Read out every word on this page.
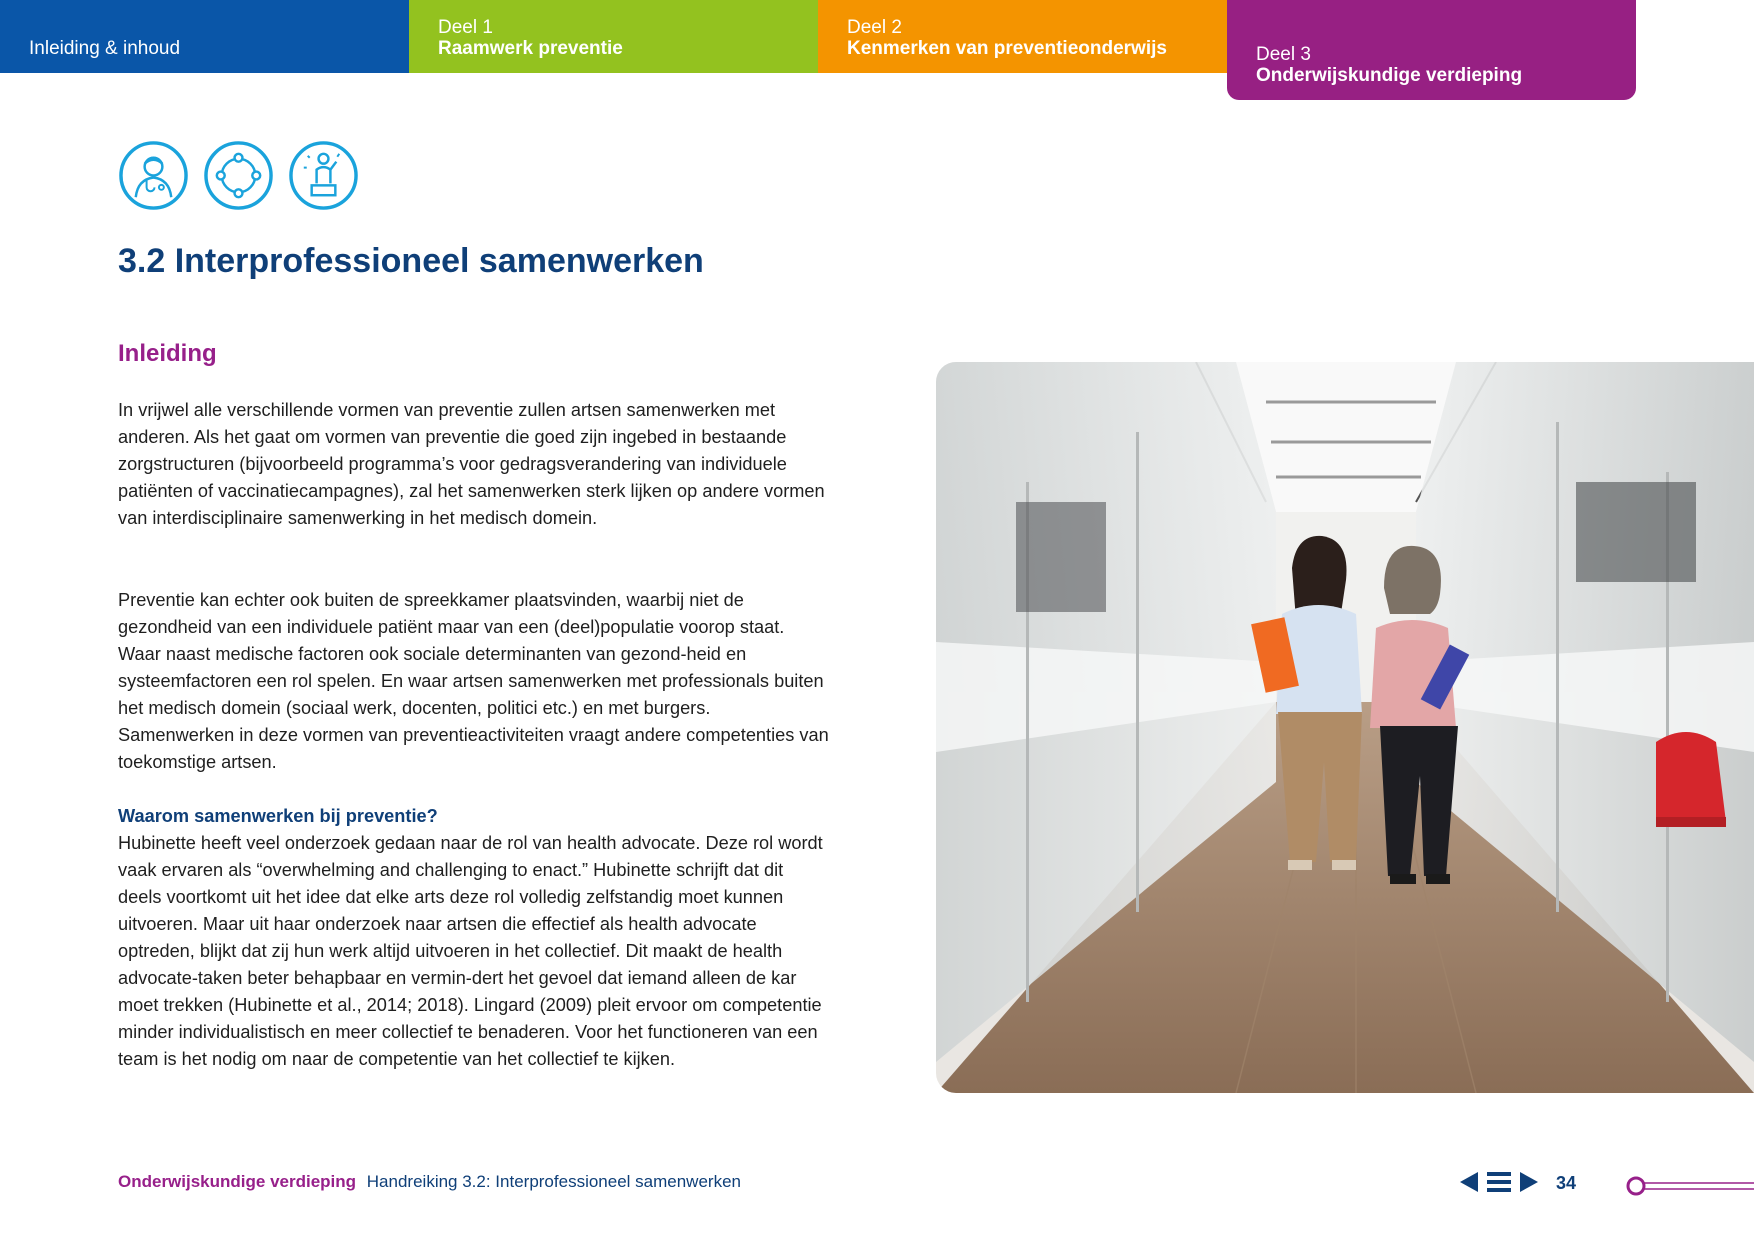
Inleiding & inhoud
Deel 1
Raamwerk preventie
Deel 2
Kenmerken van preventieonderwijs	Deel 3
Onderwijskundige verdieping
3.2 Interprofessioneel samenwerken
Inleiding

In vrijwel alle verschillende vormen van preventie zullen artsen samenwerken met anderen. Als het gaat om vormen van preventie die goed zijn ingebed in bestaande zorgstructuren (bijvoorbeeld programma’s voor gedragsverandering van individuele patiënten of vaccinatiecampagnes), zal het samenwerken sterk lijken op andere vormen van interdisciplinaire samenwerking in het medisch domein.

Preventie kan echter ook buiten de spreekkamer plaatsvinden, waarbij niet de gezondheid van een individuele patiënt maar van een (deel)populatie voorop staat. Waar naast medische factoren ook sociale determinanten van gezond-heid en systeemfactoren een rol spelen. En waar artsen samenwerken met professionals buiten het medisch domein (sociaal werk, docenten, politici etc.) en met burgers. Samenwerken in deze vormen van preventieactiviteiten vraagt andere competenties van toekomstige artsen.

Waarom samenwerken bij preventie?
Hubinette heeft veel onderzoek gedaan naar de rol van health advocate. Deze rol wordt vaak ervaren als “overwhelming and challenging to enact.” Hubinette schrijft dat dit deels voortkomt uit het idee dat elke arts deze rol volledig zelfstandig moet kunnen uitvoeren. Maar uit haar onderzoek naar artsen die effectief als health advocate optreden, blijkt dat zij hun werk altijd uitvoeren in het collectief. Dit maakt de health advocate-taken beter behapbaar en vermin-dert het gevoel dat iemand alleen de kar moet trekken (Hubinette et al., 2014; 2018). Lingard (2009) pleit ervoor om competentie minder individualistisch en meer collectief te benaderen. Voor het functioneren van een team is het nodig om naar de competentie van het collectief te kijken.
Onderwijskundige verdieping Handreiking 3.2: Interprofessioneel samenwerken	34
